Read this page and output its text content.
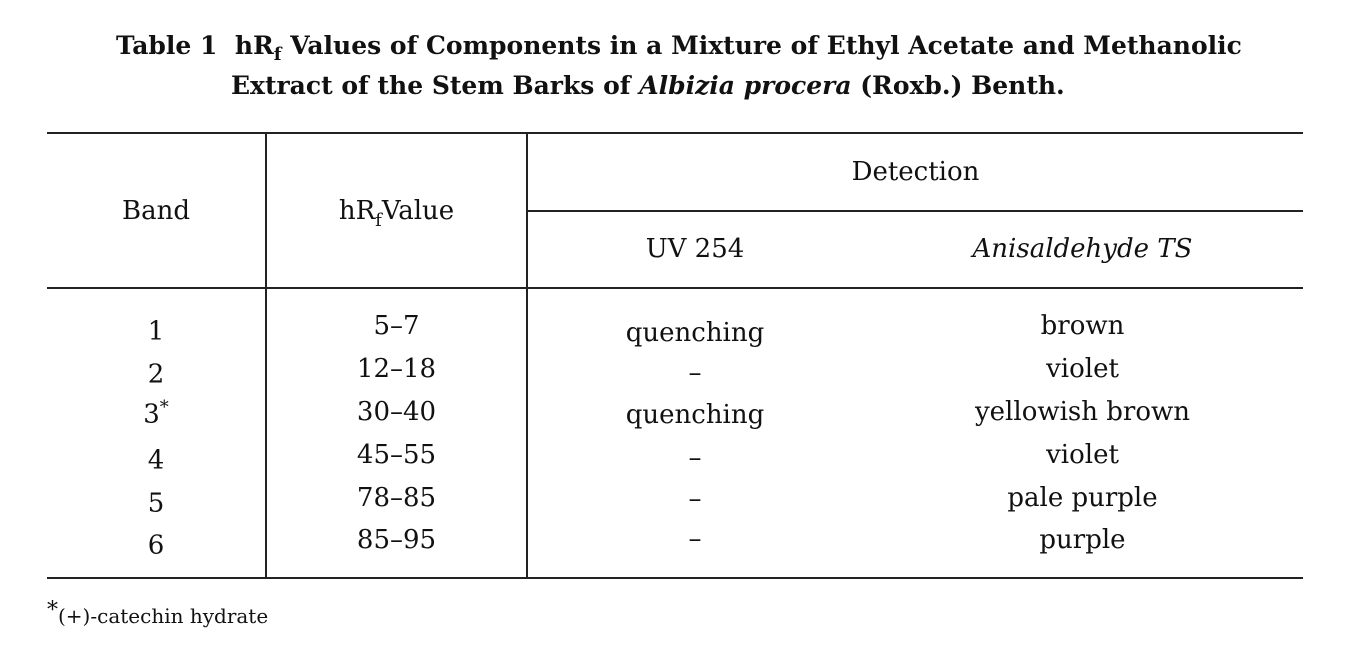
Table 1 $hR_f$ Values of Components in a Mixture of Ethyl Acetate and Methanolic
Extract of the Stem Barks of Albizia procera (Roxb.) Benth.
Band	$hR_fValue$
Detection
UV 254	Anisaldehyde TS
1	5–7	quenching	brown
2	12–18	–	violet
3*	30–40	quenching	yellowish brown
4	45–55	–	violet
5	78–85	–	pale purple
6	85–95	–	purple
*(+)-catechin hydrate
